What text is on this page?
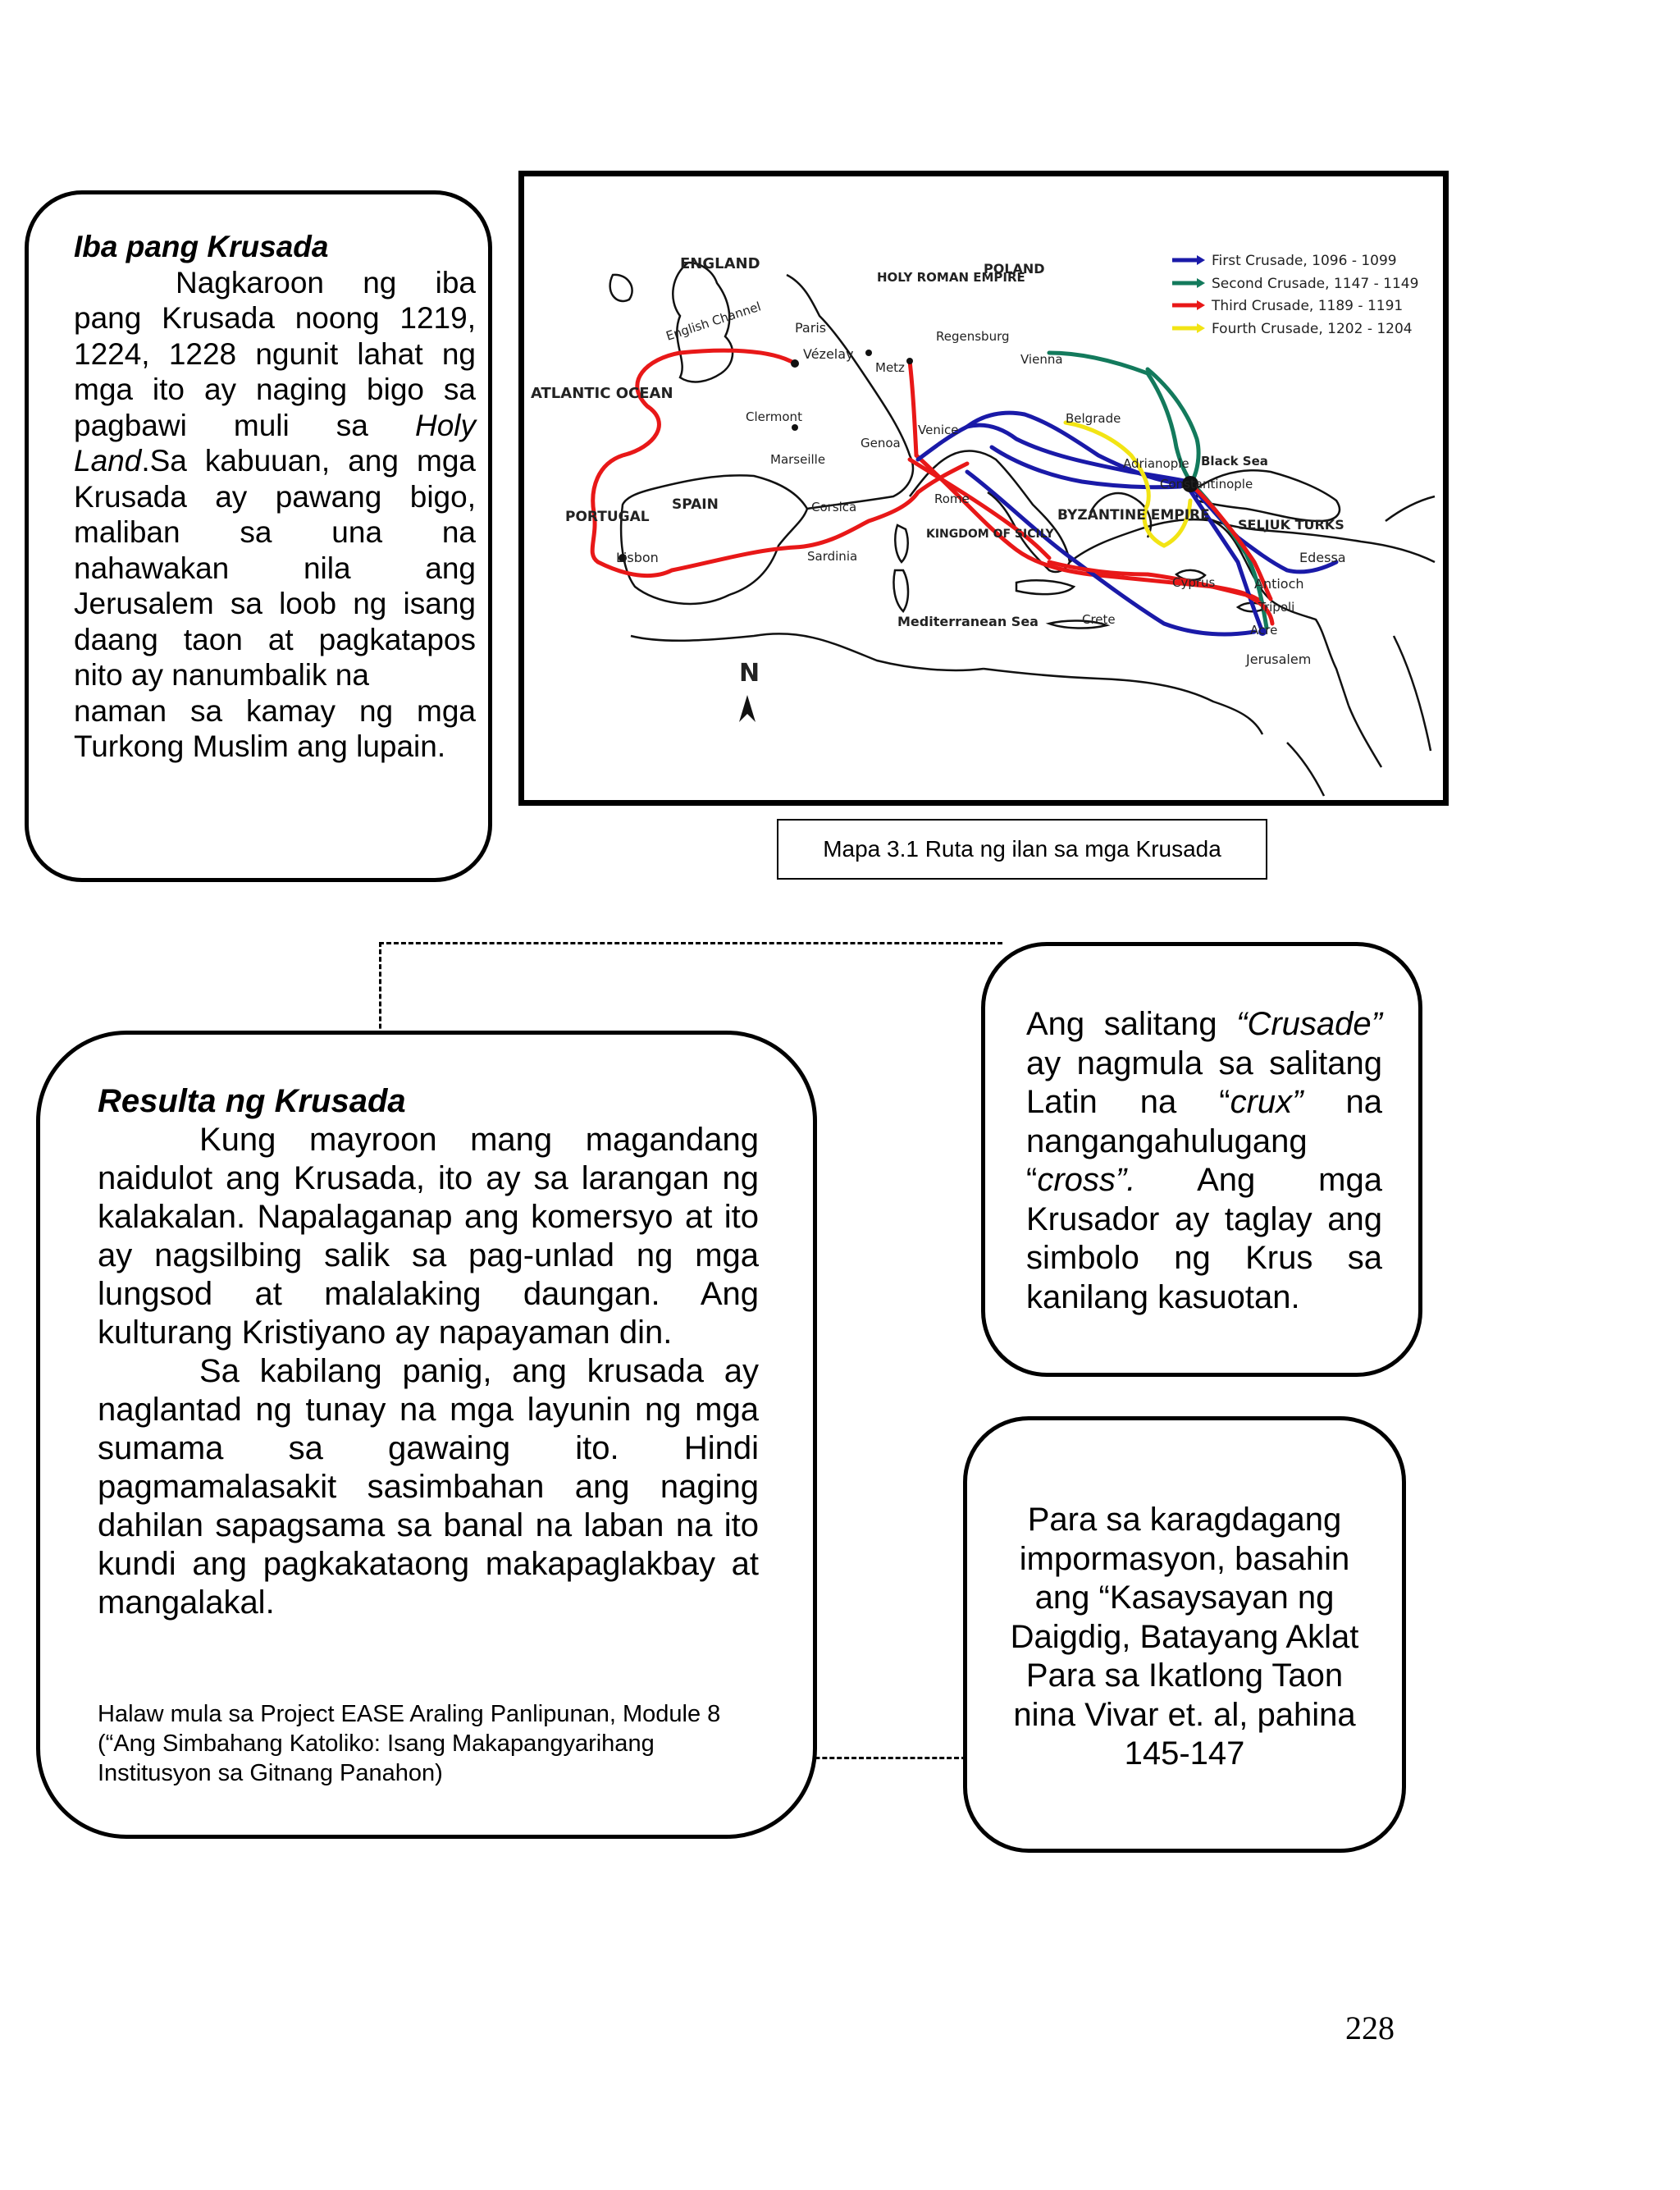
Iba pang Krusada

Nagkaroon ng iba pang Krusada noong 1219, 1224, 1228 ngunit lahat ng mga ito ay naging bigo sa pagbawi muli sa Holy Land.Sa kabuuan, ang mga Krusada ay pawang bigo, maliban sa una na nahawakan nila ang Jerusalem sa loob ng isang daang taon at pagkatapos nito ay nanumbalik na

naman sa kamay ng mga Turkong Muslim ang lupain.

First Crusade, 1096 - 1099
Second Crusade, 1147 - 1149
Third Crusade, 1189 - 1191
Fourth Crusade, 1202 - 1204
ENGLAND
English Channel Paris
HOLY ROMAN EMPIRE
POLAND
Vézelay
Metz
Regensburg
Vienna
ATLANTIC OCEAN
Clermont
Venice
Genoa
Belgrade
Adrianople Black Sea
Constantinople
Marseille
PORTUGAL
SPAIN	Corsica
Rome
BYZANTINE EMPIRE
SELJUK TURKS
Lisbon	Sardinia
KINGDOM OF SICILY
Edessa
Cyprus	Antioch
Tripoli
Mediterranean Sea	Crete
Acre
Jerusalem
N
Mapa 3.1 Ruta ng ilan sa mga Krusada

Resulta ng Krusada

Kung mayroon mang magandang naidulot ang Krusada, ito ay sa larangan ng kalakalan. Napalaganap ang komersyo at ito ay nagsilbing salik sa pag-unlad ng mga lungsod at malalaking daungan. Ang kulturang Kristiyano ay napayaman din.

Sa kabilang panig, ang krusada ay naglantad ng tunay na mga layunin ng mga sumama sa gawaing ito. Hindi pagmamalasakit sasimbahan ang naging dahilan sapagsama sa banal na laban na ito kundi ang pagkakataong makapaglakbay at mangalakal.

Halaw mula sa Project EASE Araling Panlipunan, Module 8 (“Ang Simbahang Katoliko: Isang Makapangyarihang Institusyon sa Gitnang Panahon)

Ang salitang “Crusade” ay nagmula sa salitang Latin na “crux” na nangangahulugang “cross”. Ang mga Krusador ay taglay ang simbolo ng Krus sa kanilang kasuotan.
Para sa karagdagang impormasyon, basahin ang “Kasaysayan ng Daigdig, Batayang Aklat Para sa Ikatlong Taon nina Vivar et. al, pahina 145-147
228
